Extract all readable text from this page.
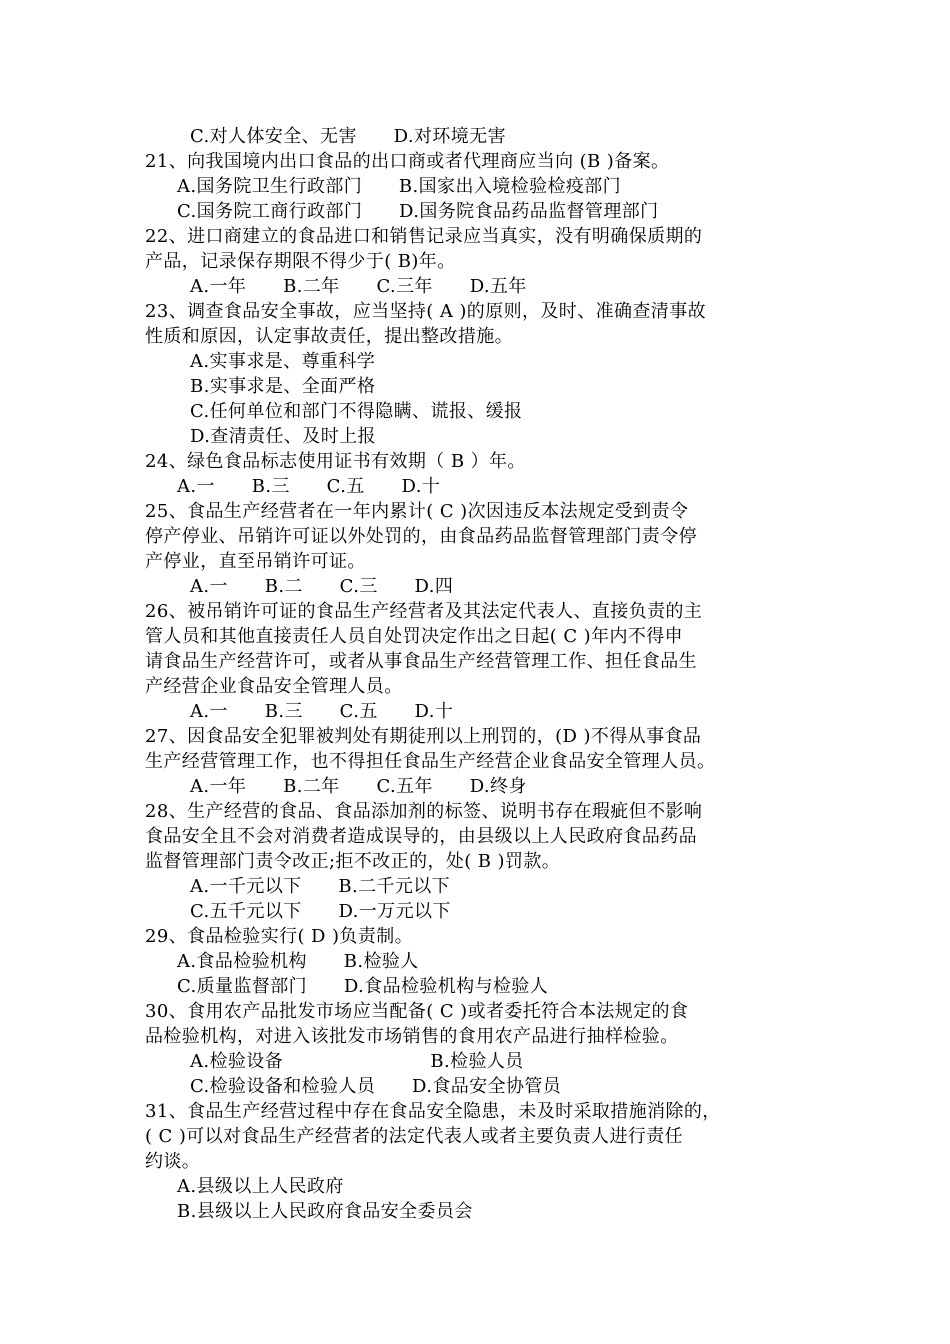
C.对人体安全、无害　　D.对环境无害
21、向我国境内出口食品的出口商或者代理商应当向 (B )备案。
A.国务院卫生行政部门　　B.国家出入境检验检疫部门
C.国务院工商行政部门　　D.国务院食品药品监督管理部门
22、进口商建立的食品进口和销售记录应当真实，没有明确保质期的
产品，记录保存期限不得少于( B)年。
A.一年　　B.二年　　C.三年　　D.五年
23、调查食品安全事故，应当坚持( A )的原则，及时、准确查清事故
性质和原因，认定事故责任，提出整改措施。
A.实事求是、尊重科学
B.实事求是、全面严格
C.任何单位和部门不得隐瞒、谎报、缓报
D.查清责任、及时上报
24、绿色食品标志使用证书有效期（ B ）年。
A.一　　B.三　　C.五　　D.十
25、食品生产经营者在一年内累计( C )次因违反本法规定受到责令
停产停业、吊销许可证以外处罚的，由食品药品监督管理部门责令停
产停业，直至吊销许可证。
A.一　　B.二　　C.三　　D.四
26、被吊销许可证的食品生产经营者及其法定代表人、直接负责的主
管人员和其他直接责任人员自处罚决定作出之日起( C )年内不得申
请食品生产经营许可，或者从事食品生产经营管理工作、担任食品生
产经营企业食品安全管理人员。
A.一　　B.三　　C.五　　D.十
27、因食品安全犯罪被判处有期徒刑以上刑罚的，(D )不得从事食品
生产经营管理工作，也不得担任食品生产经营企业食品安全管理人员。
A.一年　　B.二年　　C.五年　　D.终身
28、生产经营的食品、食品添加剂的标签、说明书存在瑕疵但不影响
食品安全且不会对消费者造成误导的，由县级以上人民政府食品药品
监督管理部门责令改正;拒不改正的，处( B )罚款。
A.一千元以下　　B.二千元以下
C.五千元以下　　D.一万元以下
29、食品检验实行( D )负责制。
A.食品检验机构　　B.检验人
C.质量监督部门　　D.食品检验机构与检验人
30、食用农产品批发市场应当配备( C )或者委托符合本法规定的食
品检验机构，对进入该批发市场销售的食用农产品进行抽样检验。
A.检验设备　　　　　　　　B.检验人员
C.检验设备和检验人员　　D.食品安全协管员
31、食品生产经营过程中存在食品安全隐患，未及时采取措施消除的，
( C )可以对食品生产经营者的法定代表人或者主要负责人进行责任
约谈。
A.县级以上人民政府
B.县级以上人民政府食品安全委员会
